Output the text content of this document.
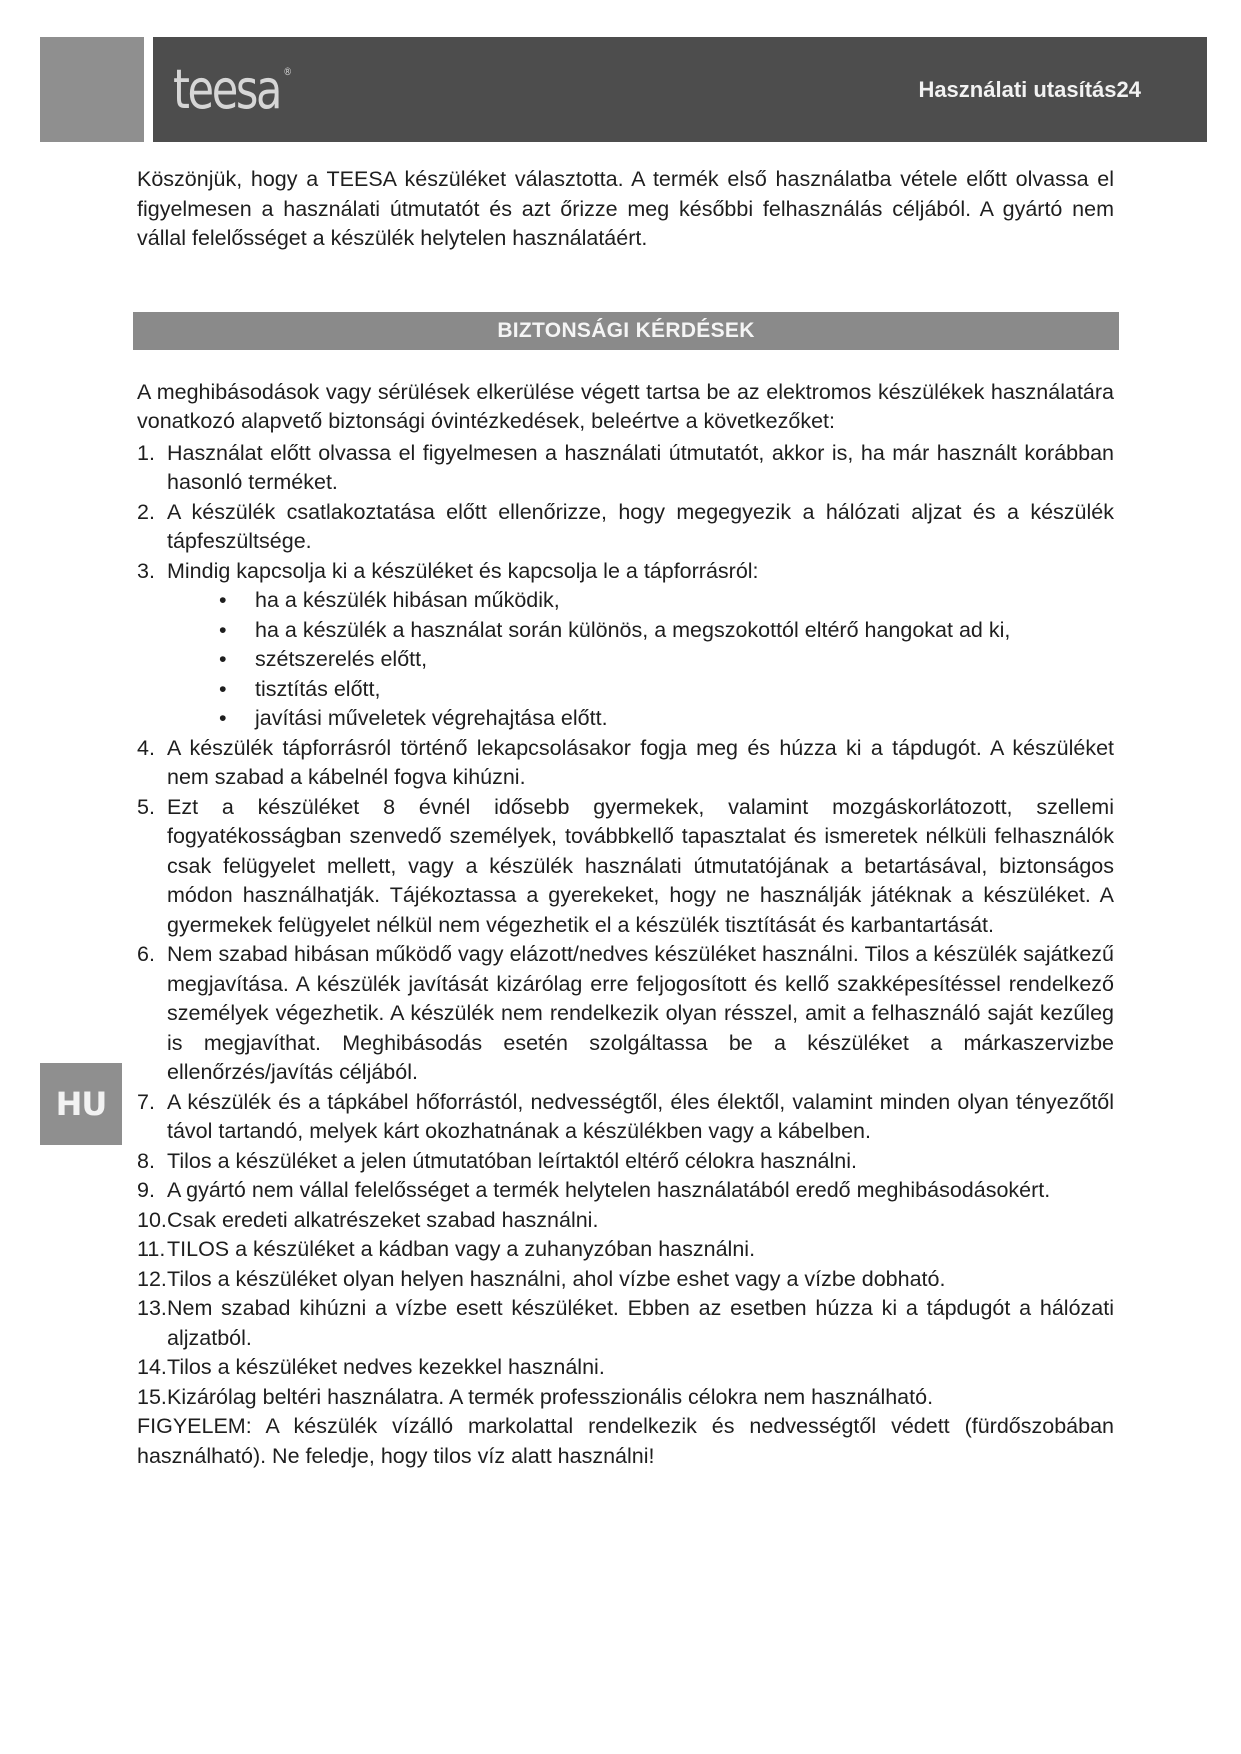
teesa ®
Használati utasítás24

Köszönjük, hogy a TEESA készüléket választotta. A termék első használatba vétele előtt olvassa el figyelmesen a használati útmutatót és azt őrizze meg későbbi felhasználás céljából. A gyártó nem vállal felelősséget a készülék helytelen használatáért.

BIZTONSÁGI KÉRDÉSEK

A meghibásodások vagy sérülések elkerülése végett tartsa be az elektromos készülékek használatára vonatkozó alapvető biztonsági óvintézkedések, beleértve a következőket:

1. Használat előtt olvassa el figyelmesen a használati útmutatót, akkor is, ha már használt korábban hasonló terméket.
2. A készülék csatlakoztatása előtt ellenőrizze, hogy megegyezik a hálózati aljzat és a készülék tápfeszültsége.
3. Mindig kapcsolja ki a készüléket és kapcsolja le a tápforrásról:
• ha a készülék hibásan működik,
• ha a készülék a használat során különös, a megszokottól eltérő hangokat ad ki,
• szétszerelés előtt,
• tisztítás előtt,
• javítási műveletek végrehajtása előtt.
4. A készülék tápforrásról történő lekapcsolásakor fogja meg és húzza ki a tápdugót. A készüléket nem szabad a kábelnél fogva kihúzni.
5. Ezt a készüléket 8 évnél idősebb gyermekek, valamint mozgáskorlátozott, szellemi fogyatékosságban szenvedő személyek, továbbkellő tapasztalat és ismeretek nélküli felhasználók csak felügyelet mellett, vagy a készülék használati útmutatójának a betartásával, biztonságos módon használhatják. Tájékoztassa a gyerekeket, hogy ne használják játéknak a készüléket. A gyermekek felügyelet nélkül nem végezhetik el a készülék tisztítását és karbantartását.
6. Nem szabad hibásan működő vagy elázott/nedves készüléket használni. Tilos a készülék sajátkezű megjavítása. A készülék javítását kizárólag erre feljogosított és kellő szakképesítéssel rendelkező személyek végezhetik. A készülék nem rendelkezik olyan résszel, amit a felhasználó saját kezűleg is megjavíthat. Meghibásodás esetén szolgáltassa be a készüléket a márkaszervizbe ellenőrzés/javítás céljából.
7. A készülék és a tápkábel hőforrástól, nedvességtől, éles élektől, valamint minden olyan tényezőtől távol tartandó, melyek kárt okozhatnának a készülékben vagy a kábelben.
8. Tilos a készüléket a jelen útmutatóban leírtaktól eltérő célokra használni.
9. A gyártó nem vállal felelősséget a termék helytelen használatából eredő meghibásodásokért.
10. Csak eredeti alkatrészeket szabad használni.
11. TILOS a készüléket a kádban vagy a zuhanyzóban használni.
12. Tilos a készüléket olyan helyen használni, ahol vízbe eshet vagy a vízbe dobható.
13. Nem szabad kihúzni a vízbe esett készüléket. Ebben az esetben húzza ki a tápdugót a hálózati aljzatból.
14. Tilos a készüléket nedves kezekkel használni.
15. Kizárólag beltéri használatra. A termék professzionális célokra nem használható.

FIGYELEM: A készülék vízálló markolattal rendelkezik és nedvességtől védett (fürdőszobában használható). Ne feledje, hogy tilos víz alatt használni!

HU
